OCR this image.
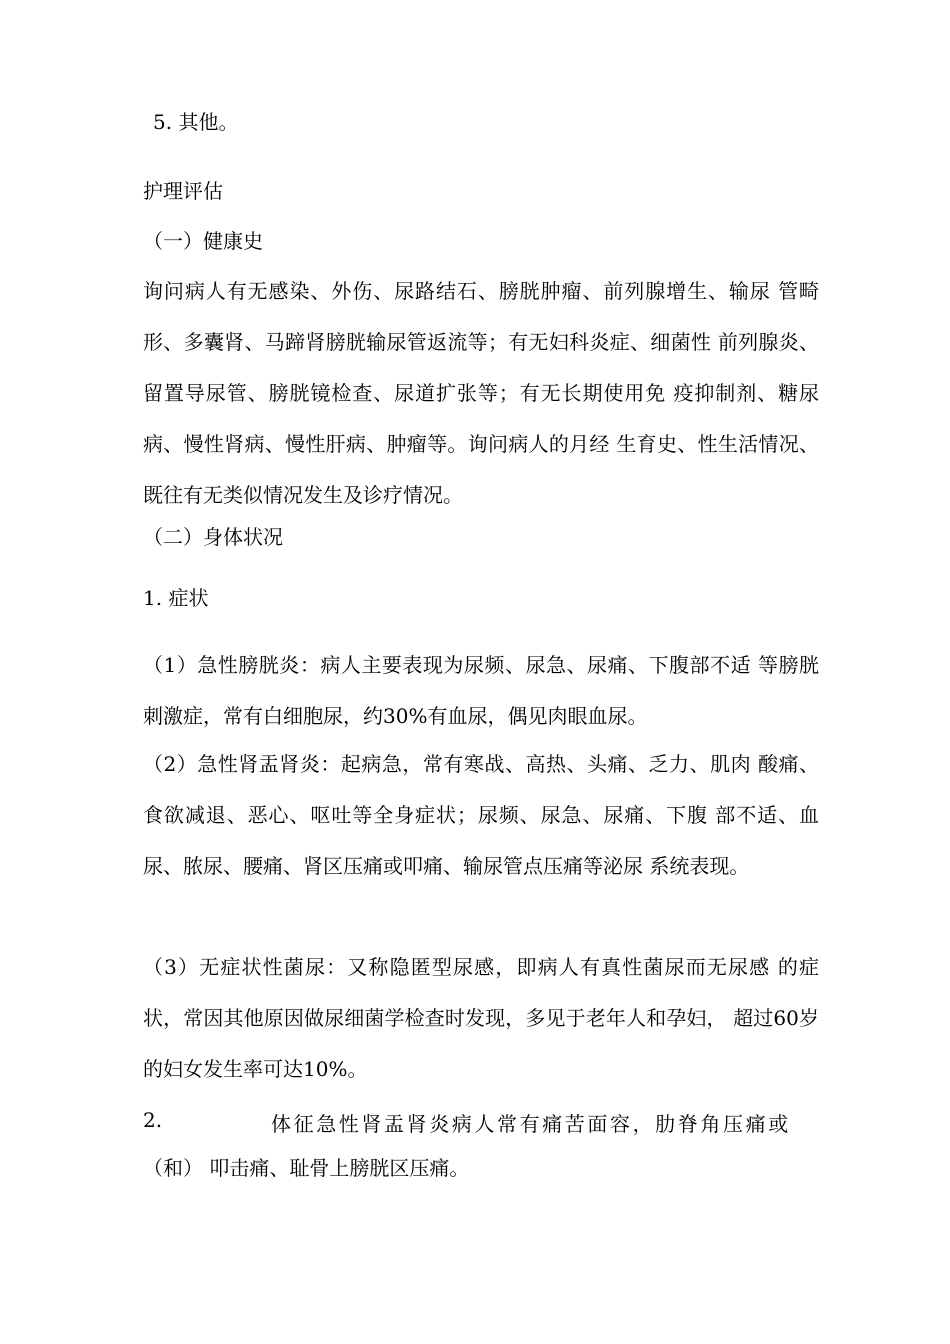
5. 其他。

护理评估

（一）健康史

询问病人有无感染、外伤、尿路结石、膀胱肿瘤、前列腺增生、输尿 管畸形、多囊肾、马蹄肾膀胱输尿管返流等；有无妇科炎症、细菌性 前列腺炎、留置导尿管、膀胱镜检查、尿道扩张等；有无长期使用免 疫抑制剂、糖尿病、慢性肾病、慢性肝病、肿瘤等。询问病人的月经 生育史、性生活情况、既往有无类似情况发生及诊疗情况。

（二）身体状况

1. 症状

（1）急性膀胱炎：病人主要表现为尿频、尿急、尿痛、下腹部不适 等膀胱刺激症，常有白细胞尿，约30%有血尿，偶见肉眼血尿。

（2）急性肾盂肾炎：起病急，常有寒战、高热、头痛、乏力、肌肉 酸痛、食欲减退、恶心、呕吐等全身症状；尿频、尿急、尿痛、下腹 部不适、血尿、脓尿、腰痛、肾区压痛或叩痛、输尿管点压痛等泌尿 系统表现。

（3）无症状性菌尿：又称隐匿型尿感，即病人有真性菌尿而无尿感 的症状，常因其他原因做尿细菌学检查时发现，多见于老年人和孕妇， 超过60岁的妇女发生率可达10%。

2.	体征急性肾盂肾炎病人常有痛苦面容，肋脊角压痛或

（和） 叩击痛、耻骨上膀胱区压痛。
